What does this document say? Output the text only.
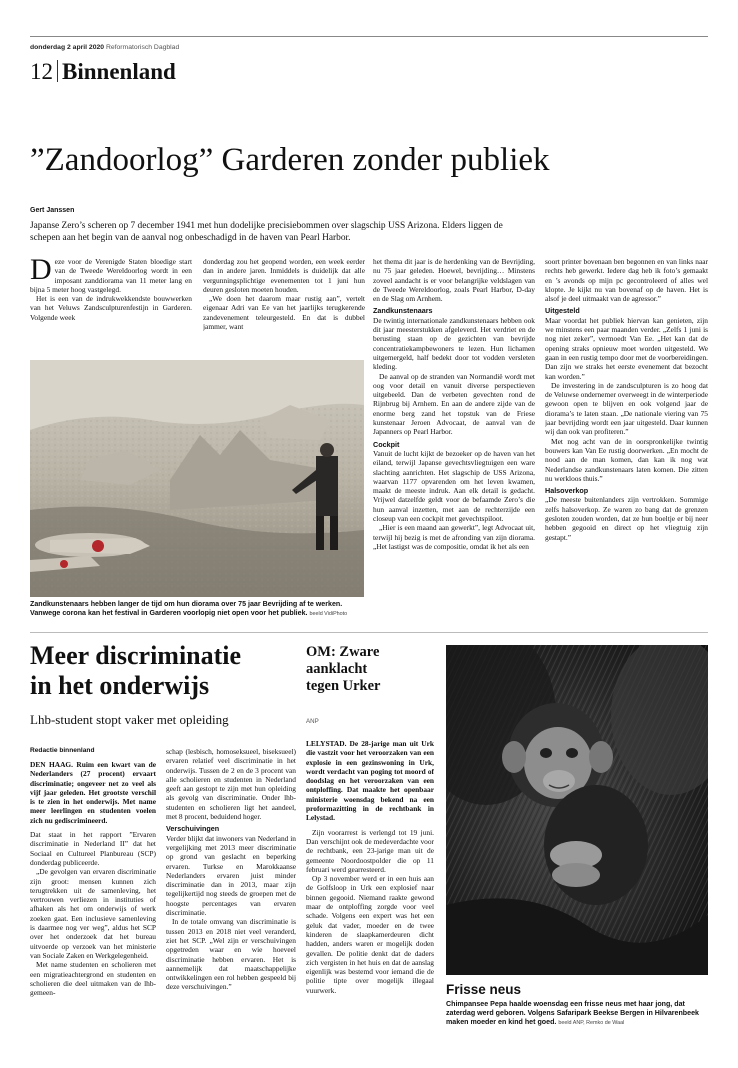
donderdag 2 april 2020 Reformatorisch Dagblad
12 Binnenland
”Zandoorlog” Garderen zonder publiek
Gert Janssen
Japanse Zero’s scheren op 7 december 1941 met hun dodelijke precisiebommen over slagschip USS Arizona. Elders liggen de schepen aan het begin van de aanval nog onbeschadigd in de haven van Pearl Harbor.
D eze voor de Verenigde Staten bloedige start van de Tweede Wereldoorlog wordt in een imposant zanddiorama van 11 meter lang en bijna 5 meter hoog vastgelegd.

Het is een van de indrukwekkendste bouwwerken van het Veluws Zandsculpturenfestijn in Garderen. Volgende week

donderdag zou het geopend worden, een week eerder dan in andere jaren. Inmiddels is duidelijk dat alle vergunningsplichtige evenementen tot 1 juni hun deuren gesloten moeten houden.

„We doen het daarom maar rustig aan”, vertelt eigenaar Adri van Ee van het jaarlijks terugkerende zandevenement teleurgesteld. En dat is dubbel jammer, want

Zandkunstenaars hebben langer de tijd om hun diorama over 75 jaar Bevrijding af te werken. Vanwege corona kan het festival in Garderen voorlopig niet open voor het publiek. beeld VidiPhoto

het thema dit jaar is de herdenking van de Bevrijding, nu 75 jaar geleden. Hoewel, bevrijding… Minstens zoveel aandacht is er voor belangrijke veldslagen van de Tweede Wereldoorlog, zoals Pearl Harbor, D-day en de Slag om Arnhem.

Zandkunstenaars

De twintig internationale zandkunstenaars hebben ook dit jaar meesterstukken afgeleverd. Het verdriet en de berusting staan op de gezichten van bevrijde concentratiekampbewoners te lezen. Hun lichamen uitgemergeld, half bedekt door tot vodden versleten kleding.

De aanval op de stranden van Normandië wordt met oog voor detail en vanuit diverse perspectieven uitgebeeld. Dan de verbeten gevechten rond de Rijnbrug bij Arnhem. En aan de andere zijde van de enorme berg zand het topstuk van de Friese kunstenaar Jeroen Advocaat, de aanval van de Japanners op Pearl Harbor.

Cockpit

Vanuit de lucht kijkt de bezoeker op de haven van het eiland, terwijl Japanse gevechtsvliegtuigen een ware slachting aanrichten. Het slagschip de USS Arizona, waarvan 1177 opvarenden om het leven kwamen, maakt de meeste indruk. Aan elk detail is gedacht. Vrijwel datzelfde geldt voor de befaamde Zero’s die hun aanval inzetten, met aan de rechterzijde een closeup van een cockpit met gevechtspiloot.

„Hier is een maand aan gewerkt”, legt Advocaat uit, terwijl hij bezig is met de afronding van zijn diorama. „Het lastigst was de compositie, omdat ik het als een

soort printer bovenaan ben begonnen en van links naar rechts heb gewerkt. Iedere dag heb ik foto’s gemaakt en ’s avonds op mijn pc gecontroleerd of alles wel klopte. Je kijkt nu van bovenaf op de haven. Het is alsof je deel uitmaakt van de agressor.”

Uitgesteld

Maar voordat het publiek hiervan kan genieten, zijn we minstens een paar maanden verder. „Zelfs 1 juni is nog niet zeker”, vermoedt Van Ee. „Het kan dat de opening straks opnieuw moet worden uitgesteld. We gaan in een rustig tempo door met de voorbereidingen. Dan zijn we straks het eerste evenement dat bezocht kan worden.”

De investering in de zandsculpturen is zo hoog dat de Veluwse ondernemer overweegt in de winterperiode gewoon open te blijven en ook volgend jaar de diorama’s te laten staan. „De nationale viering van 75 jaar bevrijding wordt een jaar uitgesteld. Daar kunnen wij dan ook van profiteren.”

Met nog acht van de in oorspronkelijke twintig bouwers kan Van Ee rustig doorwerken. „En mocht de nood aan de man komen, dan kan ik nog wat Nederlandse zandkunstenaars laten komen. Die zitten nu werkloos thuis.”

Halsoverkop

„De meeste buitenlanders zijn vertrokken. Sommige zelfs halsoverkop. Ze waren zo bang dat de grenzen gesloten zouden worden, dat ze hun boeltje er bij neer hebben gegooid en direct op het vliegtuig zijn gestapt.”

Meer discriminatie
in het onderwijs
Lhb-student stopt vaker met opleiding
Redactie binnenland

DEN HAAG. Ruim een kwart van de Nederlanders (27 procent) ervaart discriminatie; ongeveer net zo veel als vijf jaar geleden. Het grootste verschil is te zien in het onderwijs. Met name meer leerlingen en studenten voelen zich nu gediscrimineerd.

Dat staat in het rapport ”Ervaren discriminatie in Nederland II” dat het Sociaal en Cultureel Planbureau (SCP) donderdag publiceerde.

„De gevolgen van ervaren discriminatie zijn groot: mensen kunnen zich terugtrekken uit de samenleving, het vertrouwen verliezen in instituties of afhaken als het om onderwijs of werk zoeken gaat. Een inclusieve samenleving is daarmee nog ver weg”, aldus het SCP over het onderzoek dat het bureau uitvoerde op verzoek van het ministerie van Sociale Zaken en Werkgelegenheid.

Met name studenten en scholieren met een migratieachtergrond en studenten en scholieren die deel uitmaken van de lhb-gemeen-

schap (lesbisch, homoseksueel, biseksueel) ervaren relatief veel discriminatie in het onderwijs. Tussen de 2 en de 3 procent van alle scholieren en studenten in Nederland geeft aan gestopt te zijn met hun opleiding als gevolg van discriminatie. Onder lhb-studenten en scholieren ligt het aandeel, met 8 procent, beduidend hoger.

Verschuivingen

Verder blijkt dat inwoners van Nederland in vergelijking met 2013 meer discriminatie op grond van geslacht en beperking ervaren. Turkse en Marokkaanse Nederlanders ervaren juist minder discriminatie dan in 2013, maar zijn tegelijkertijd nog steeds de groepen met de hoogste percentages van ervaren discriminatie.

In de totale omvang van discriminatie is tussen 2013 en 2018 niet veel veranderd, ziet het SCP. „Wel zijn er verschuivingen opgetreden waar en wie hoeveel discriminatie hebben ervaren. Het is aannemelijk dat maatschappelijke ontwikkelingen een rol hebben gespeeld bij deze verschuivingen.”

OM: Zware
aanklacht
tegen Urker
ANP

LELYSTAD. De 28-jarige man uit Urk die vastzit voor het veroorzaken van een explosie in een gezinswoning in Urk, wordt verdacht van poging tot moord of doodslag en het veroorzaken van een ontploffing. Dat maakte het openbaar ministerie woensdag bekend na een proformazitting in de rechtbank in Lelystad.

Zijn voorarrest is verlengd tot 19 juni. Dan verschijnt ook de medeverdachte voor de rechtbank, een 23-jarige man uit de gemeente Noordoostpolder die op 11 februari werd gearresteerd.

Op 3 november werd er in een huis aan de Golfsloop in Urk een explosief naar binnen gegooid. Niemand raakte gewond maar de ontploffing zorgde voor veel schade. Volgens een expert was het een geluk dat vader, moeder en de twee kinderen de slaapkamerdeuren dicht hadden, anders waren er mogelijk doden gevallen. De politie denkt dat de daders zich vergisten in het huis en dat de aanslag eigenlijk was bestemd voor iemand die de politie tipte over mogelijk illegaal vuurwerk.	Frisse neus
Chimpansee Pepa haalde woensdag een frisse neus met haar jong, dat zaterdag werd geboren. Volgens Safaripark Beekse Bergen in Hilvarenbeek maken moeder en kind het goed. beeld ANP, Remko de Waal
